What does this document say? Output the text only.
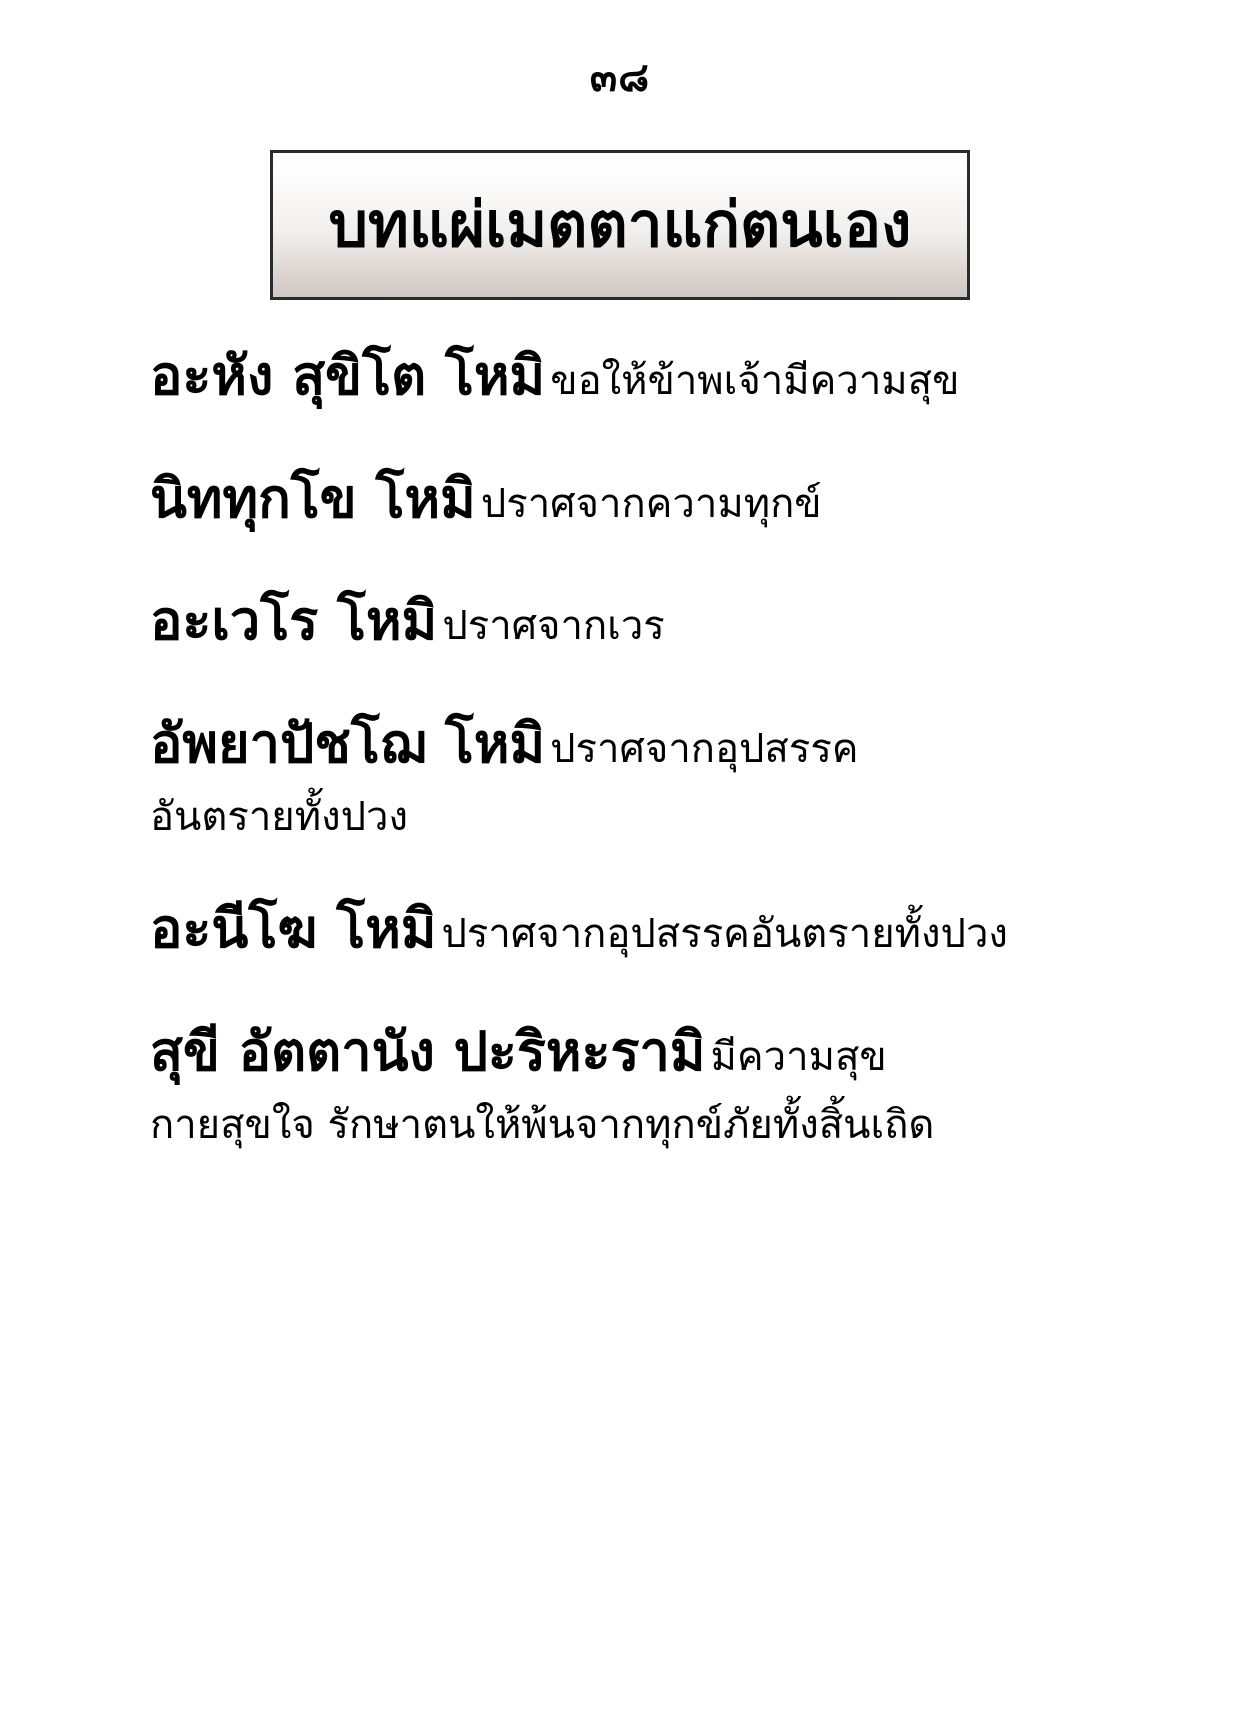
๓๘
บทแผ่เมตตาแก่ตนเอง

อะหัง สุขิโต โหมิ ขอให้ข้าพเจ้ามีความสุข

นิททุกโข โหมิ ปราศจากความทุกข์

อะเวโร โหมิ ปราศจากเวร

อัพยาปัชโฌ โหมิ ปราศจากอุปสรรค

อันตรายทั้งปวง

อะนีโฆ โหมิ ปราศจากอุปสรรคอันตรายทั้งปวง

สุขี อัตตานัง ปะริหะรามิ มีความสุข

กายสุขใจ รักษาตนให้พ้นจากทุกข์ภัยทั้งสิ้นเถิด
